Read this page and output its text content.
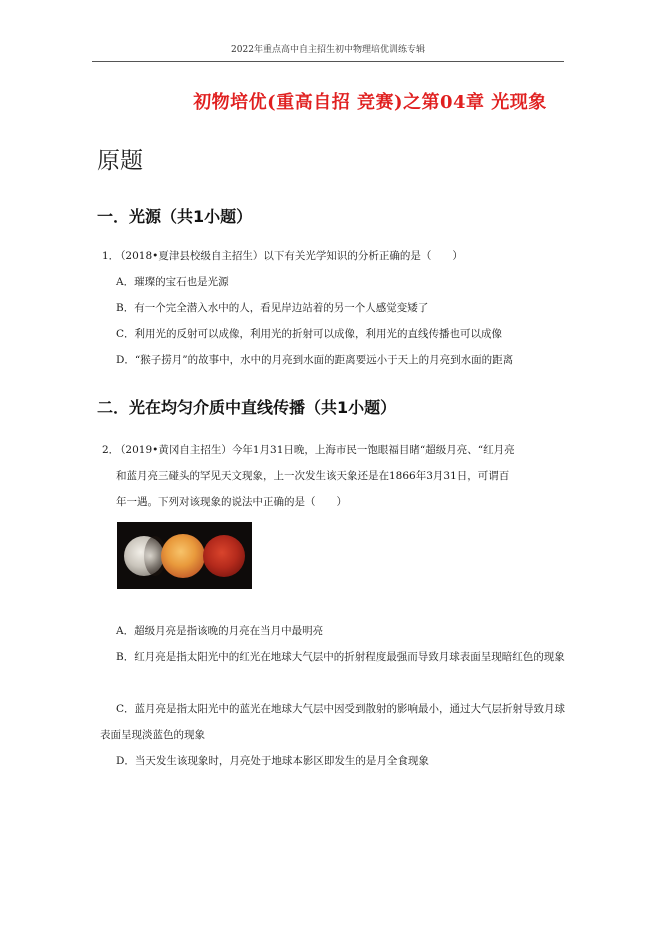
2022年重点高中自主招生初中物理培优训练专辑
初物培优(重高自招 竞赛)之第04章 光现象
原题
一．光源（共1小题）
1．（2018•夏津县校级自主招生）以下有关光学知识的分析正确的是（　　）
A．璀璨的宝石也是光源
B．有一个完全潜入水中的人，看见岸边站着的另一个人感觉变矮了
C．利用光的反射可以成像，利用光的折射可以成像，利用光的直线传播也可以成像
D．“猴子捞月”的故事中，水中的月亮到水面的距离要远小于天上的月亮到水面的距离
二．光在均匀介质中直线传播（共1小题）
2．（2019•黄冈自主招生）今年1月31日晚，上海市民一饱眼福目睹“超级月亮、“红月亮
和蓝月亮三碰头的罕见天文现象，上一次发生该天象还是在1866年3月31日，可谓百
年一遇。下列对该现象的说法中正确的是（　　）
A．超级月亮是指该晚的月亮在当月中最明亮
B．红月亮是指太阳光中的红光在地球大气层中的折射程度最强而导致月球表面呈现暗红色的现象
C．蓝月亮是指太阳光中的蓝光在地球大气层中因受到散射的影响最小，通过大气层折射导致月球表面呈现淡蓝色的现象
D．当天发生该现象时，月亮处于地球本影区即发生的是月全食现象
